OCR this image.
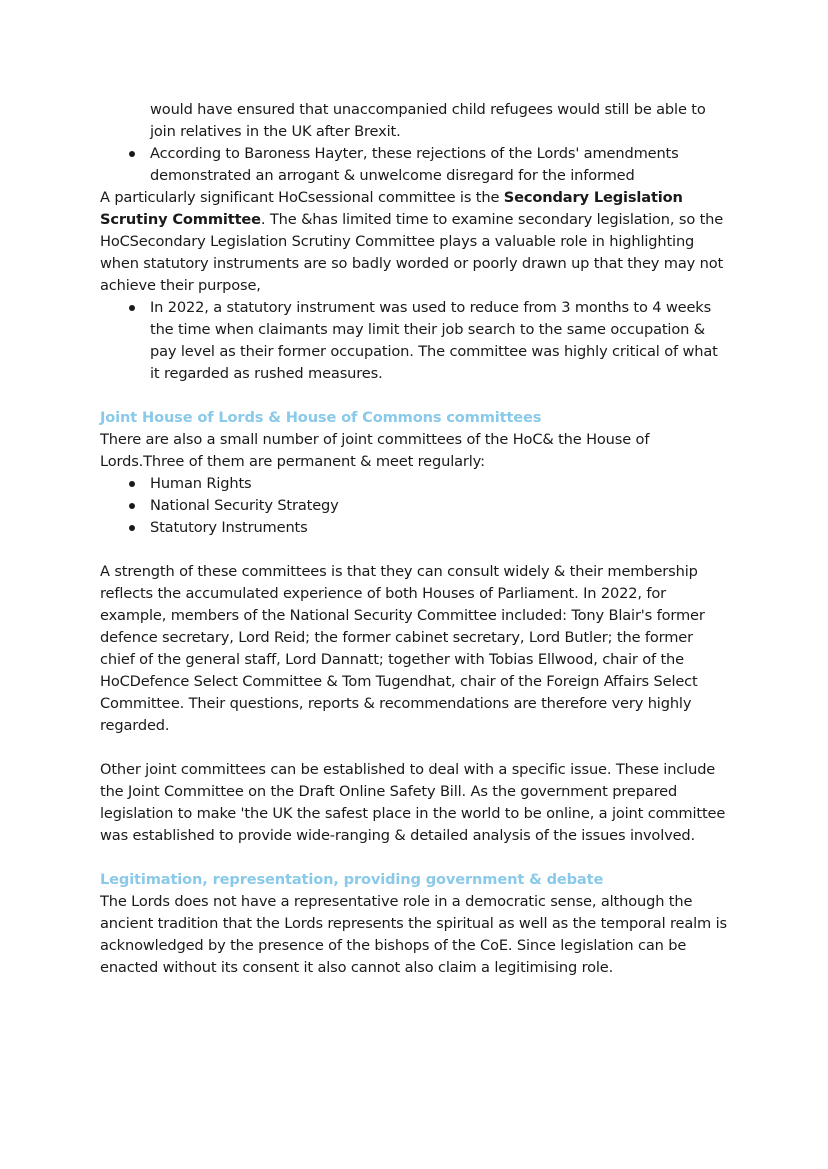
would have ensured that unaccompanied child refugees would still be able to join relatives in the UK after Brexit.

According to Baroness Hayter, these rejections of the Lords' amendments demonstrated an arrogant & unwelcome disregard for the informed

A particularly significant HoCsessional committee is the Secondary Legislation Scrutiny Committee. The &has limited time to examine secondary legislation, so the HoCSecondary Legislation Scrutiny Committee plays a valuable role in highlighting when statutory instruments are so badly worded or poorly drawn up that they may not achieve their purpose,

In 2022, a statutory instrument was used to reduce from 3 months to 4 weeks the time when claimants may limit their job search to the same occupation & pay level as their former occupation. The committee was highly critical of what it regarded as rushed measures.

Joint House of Lords & House of Commons committees

There are also a small number of joint committees of the HoC& the House of Lords.Three of them are permanent & meet regularly:

Human Rights
National Security Strategy
Statutory Instruments

A strength of these committees is that they can consult widely & their membership reflects the accumulated experience of both Houses of Parliament. In 2022, for example, members of the National Security Committee included: Tony Blair's former defence secretary, Lord Reid; the former cabinet secretary, Lord Butler; the former chief of the general staff, Lord Dannatt; together with Tobias Ellwood, chair of the HoCDefence Select Committee & Tom Tugendhat, chair of the Foreign Affairs Select Committee. Their questions, reports & recommendations are therefore very highly regarded.

Other joint committees can be established to deal with a specific issue. These include the Joint Committee on the Draft Online Safety Bill. As the government prepared legislation to make 'the UK the safest place in the world to be online, a joint committee was established to provide wide-ranging & detailed analysis of the issues involved.

Legitimation, representation, providing government & debate

The Lords does not have a representative role in a democratic sense, although the ancient tradition that the Lords represents the spiritual as well as the temporal realm is acknowledged by the presence of the bishops of the CoE. Since legislation can be enacted without its consent it also cannot also claim a legitimising role.
